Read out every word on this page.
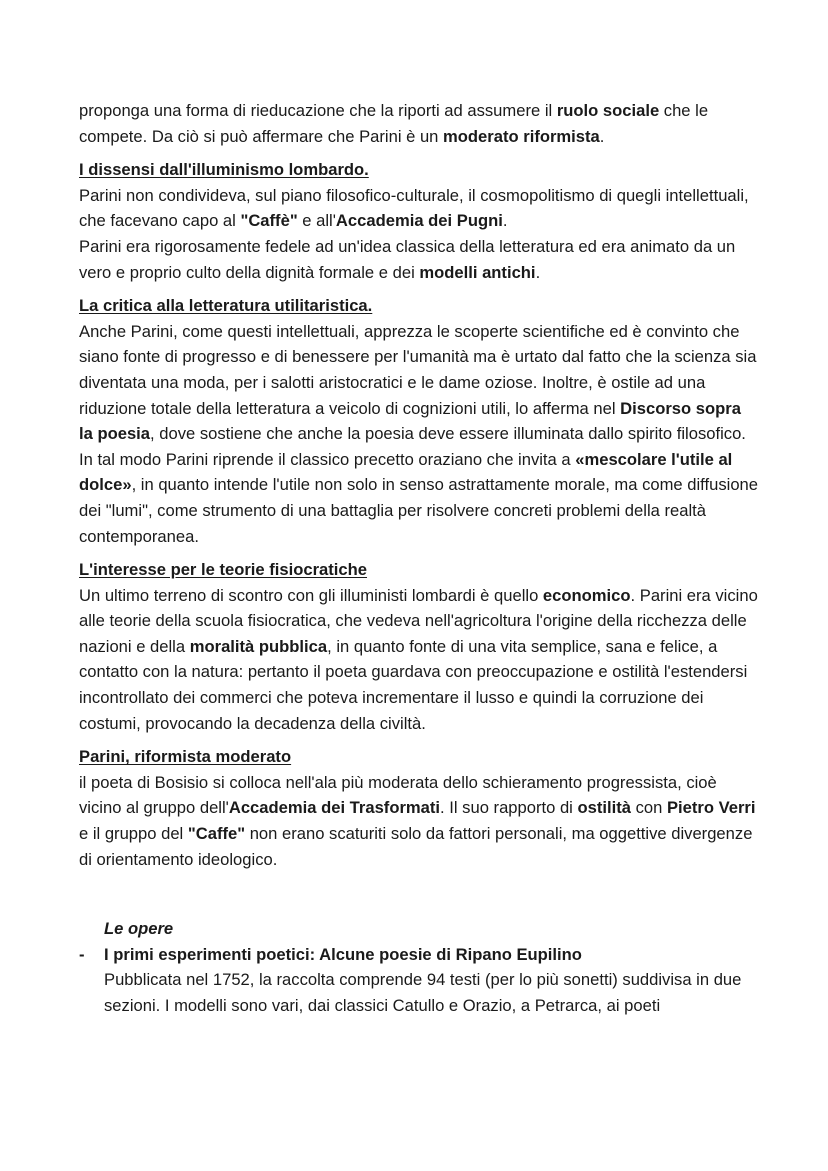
proponga una forma di rieducazione che la riporti ad assumere il ruolo sociale che le compete. Da ciò si può affermare che Parini è un moderato riformista.

I dissensi dall'illuminismo lombardo.

Parini non condivideva, sul piano filosofico-culturale, il cosmopolitismo di quegli intellettuali, che facevano capo al "Caffè" e all'Accademia dei Pugni.

Parini era rigorosamente fedele ad un'idea classica della letteratura ed era animato da un vero e proprio culto della dignità formale e dei modelli antichi.

La critica alla letteratura utilitaristica.

Anche Parini, come questi intellettuali, apprezza le scoperte scientifiche ed è convinto che siano fonte di progresso e di benessere per l'umanità ma è urtato dal fatto che la scienza sia diventata una moda, per i salotti aristocratici e le dame oziose. Inoltre, è ostile ad una riduzione totale della letteratura a veicolo di cognizioni utili, lo afferma nel Discorso sopra la poesia, dove sostiene che anche la poesia deve essere illuminata dallo spirito filosofico. In tal modo Parini riprende il classico precetto oraziano che invita a «mescolare l'utile al dolce», in quanto intende l'utile non solo in senso astrattamente morale, ma come diffusione dei "lumi", come strumento di una battaglia per risolvere concreti problemi della realtà contemporanea.

L'interesse per le teorie fisiocratiche

Un ultimo terreno di scontro con gli illuministi lombardi è quello economico. Parini era vicino alle teorie della scuola fisiocratica, che vedeva nell'agricoltura l'origine della ricchezza delle nazioni e della moralità pubblica, in quanto fonte di una vita semplice, sana e felice, a contatto con la natura: pertanto il poeta guardava con preoccupazione e ostilità l'estendersi incontrollato dei commerci che poteva incrementare il lusso e quindi la corruzione dei costumi, provocando la decadenza della civiltà.

Parini, riformista moderato

il poeta di Bosisio si colloca nell'ala più moderata dello schieramento progressista, cioè vicino al gruppo dell'Accademia dei Trasformati. Il suo rapporto di ostilità con Pietro Verri e il gruppo del "Caffe" non erano scaturiti solo da fattori personali, ma oggettive divergenze di orientamento ideologico.

Le opere

- I primi esperimenti poetici: Alcune poesie di Ripano Eupilino

Pubblicata nel 1752, la raccolta comprende 94 testi (per lo più sonetti) suddivisa in due sezioni. I modelli sono vari, dai classici Catullo e Orazio, a Petrarca, ai poeti
